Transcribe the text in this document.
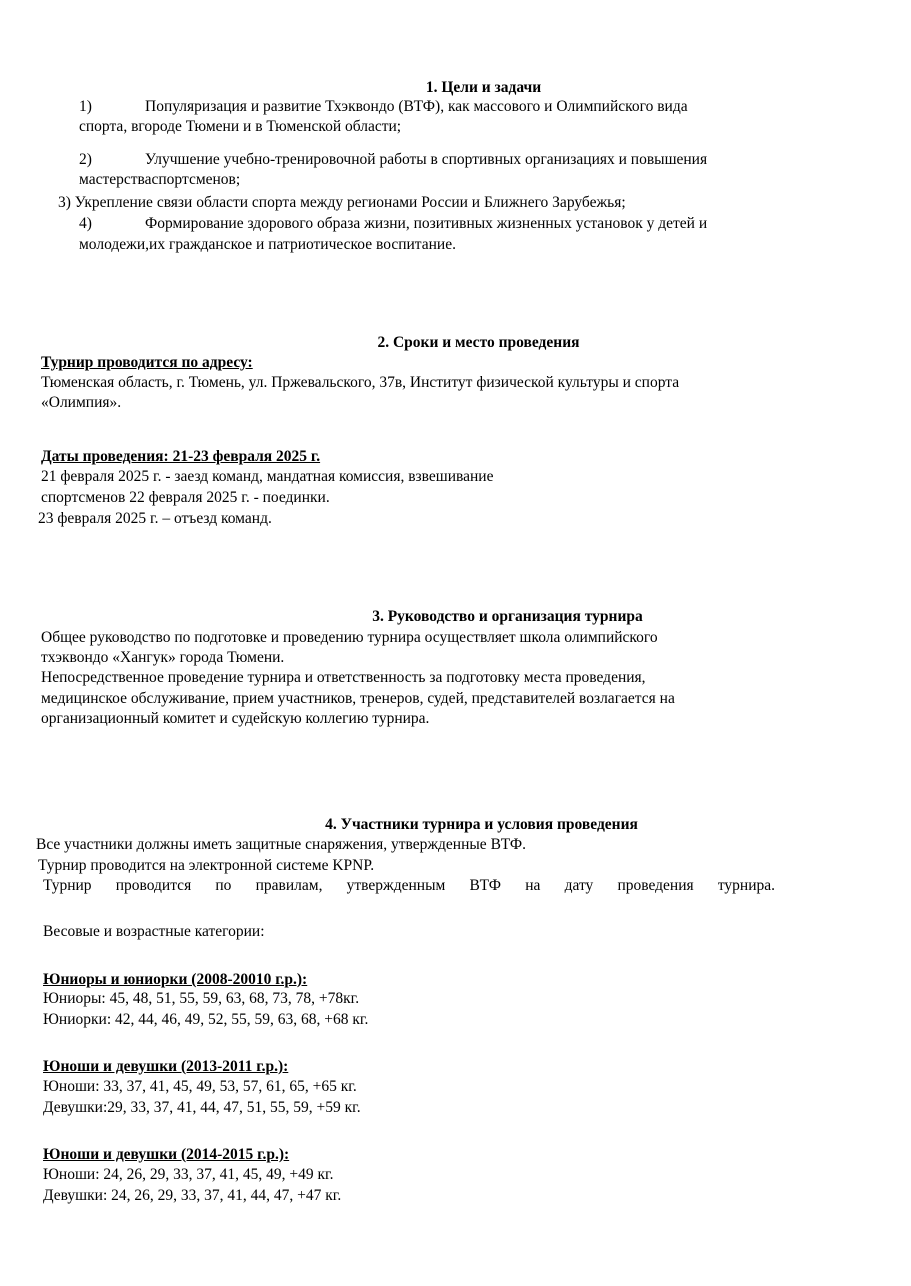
1. Цели и задачи
1)	Популяризация и развитие Тхэквондо (ВТФ), как массового и Олимпийского вида
спорта, вгороде Тюмени и в Тюменской области;
2)	Улучшение учебно-тренировочной работы в спортивных организациях и повышения
мастерстваспортсменов;
3) Укрепление связи области спорта между регионами России и Ближнего Зарубежья;
4)	Формирование здорового образа жизни, позитивных жизненных установок у детей и
молодежи,их гражданское и патриотическое воспитание.
2. Сроки и место проведения
Турнир проводится по адресу:
Тюменская область, г. Тюмень, ул. Пржевальского, 37в, Институт физической культуры и спорта
«Олимпия».
Даты проведения: 21-23 февраля 2025 г.
21 февраля 2025 г. - заезд команд, мандатная комиссия, взвешивание
спортсменов 22 февраля 2025 г. - поединки.
23 февраля 2025 г. – отъезд команд.
3. Руководство и организация турнира
Общее руководство по подготовке и проведению турнира осуществляет школа олимпийского
тхэквондо «Хангук» города Тюмени.
Непосредственное проведение турнира и ответственность за подготовку места проведения,
медицинское обслуживание, прием участников, тренеров, судей, представителей возлагается на
организационный комитет и судейскую коллегию турнира.
4. Участники турнира и условия проведения
Все участники должны иметь защитные снаряжения, утвержденные ВТФ.
Турнир проводится на электронной системе KPNP.
Турнир проводится по правилам, утвержденным ВТФ на дату проведения турнира.
Весовые и возрастные категории:
Юниоры и юниорки (2008-20010 г.р.):
Юниоры: 45, 48, 51, 55, 59, 63, 68, 73, 78, +78кг.
Юниорки: 42, 44, 46, 49, 52, 55, 59, 63, 68, +68 кг.
Юноши и девушки (2013-2011 г.р.):
Юноши: 33, 37, 41, 45, 49, 53, 57, 61, 65, +65 кг.
Девушки:29, 33, 37, 41, 44, 47, 51, 55, 59, +59 кг.
Юноши и девушки (2014-2015 г.р.):
Юноши: 24, 26, 29, 33, 37, 41, 45, 49, +49 кг.
Девушки: 24, 26, 29, 33, 37, 41, 44, 47, +47 кг.
